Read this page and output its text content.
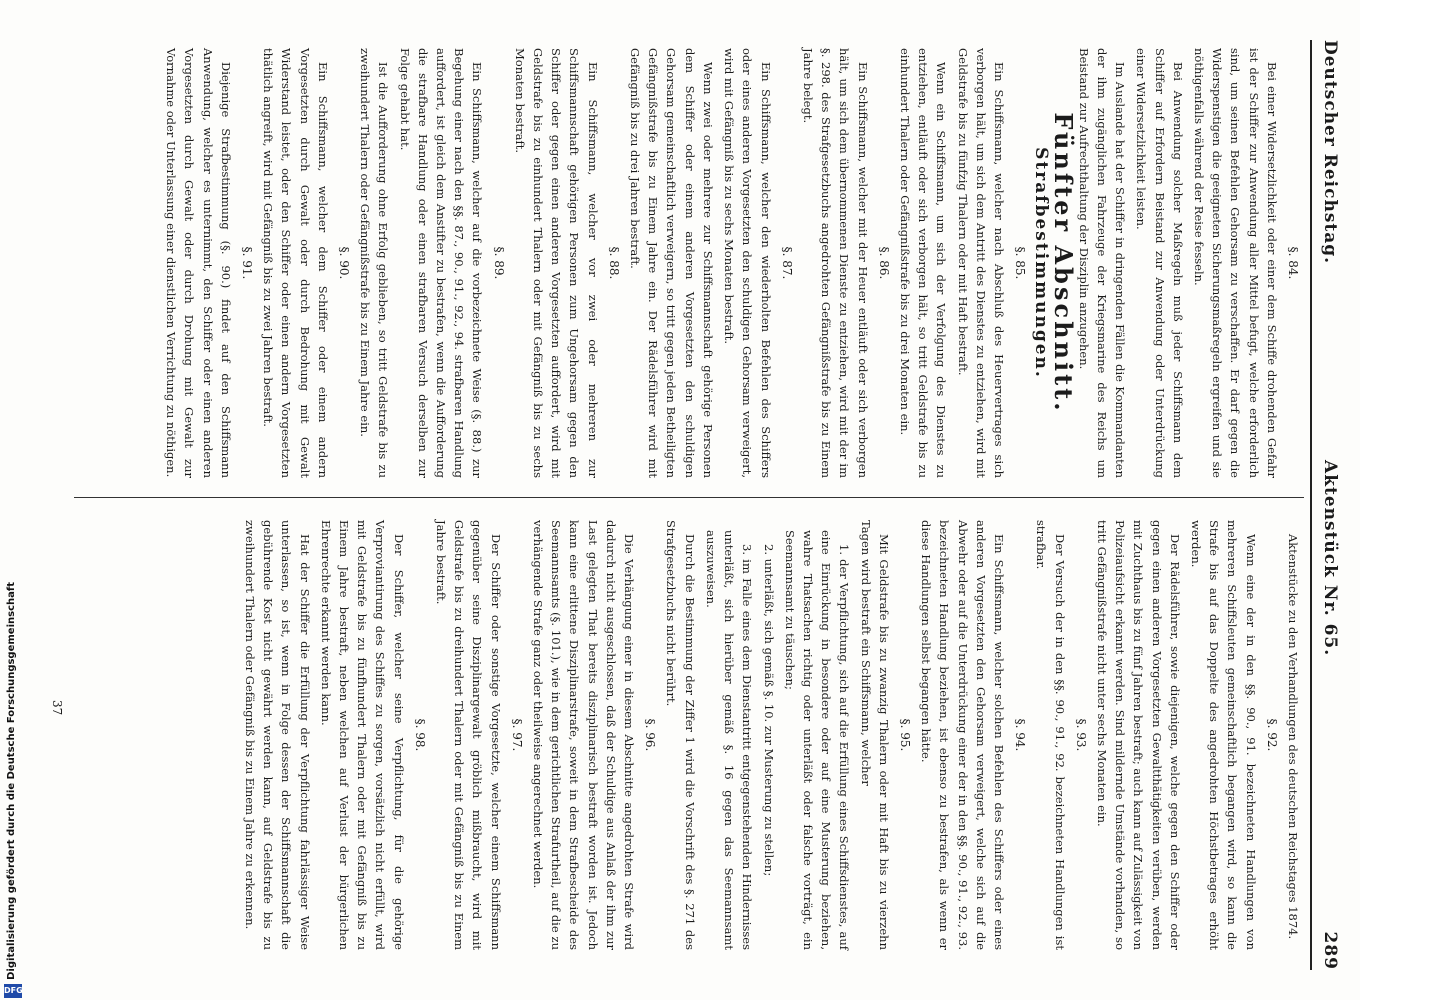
Deutscher Reichstag.
Aktenstück Nr. 65.
289

§. 84.

Bei einer Widersetzlichkeit oder einer dem Schiffe drohenden Gefahr ist der Schiffer zur Anwendung aller Mittel befugt, welche erforderlich sind, um seinen Befehlen Gehorsam zu verschaffen. Er darf gegen die Widerspenstigen die geeigneten Sicherungsmaßregeln ergreifen und sie nöthigenfalls während der Reise fesseln.

Bei Anwendung solcher Maßregeln muß jeder Schiffsmann dem Schiffer auf Erfordern Beistand zur Anwendung oder Unterdrückung einer Widersetzlichkeit leisten.

Im Auslande hat der Schiffer in dringenden Fällen die Kommandanten der ihm zugänglichen Fahrzeuge der Kriegsmarine des Reichs um Beistand zur Aufrechthaltung der Disziplin anzugehen.

Fünfter Abschnitt.

Strafbestimmungen.

§. 85.

Ein Schiffsmann, welcher nach Abschluß des Heuervertrages sich verborgen hält, um sich dem Antritt des Dienstes zu entziehen, wird mit Geldstrafe bis zu fünfzig Thalern oder mit Haft bestraft.

Wenn ein Schiffsmann, um sich der Verfolgung des Dienstes zu entziehen, entläuft oder sich verborgen hält, so tritt Geldstrafe bis zu einhundert Thalern oder Gefängnißstrafe bis zu drei Monaten ein.

§. 86.

Ein Schiffsmann, welcher mit der Heuer entläuft oder sich verborgen hält, um sich dem übernommenen Dienste zu entziehen, wird mit der im §. 298. des Strafgesetzbuchs angedrohten Gefängnißstrafe bis zu Einem Jahre belegt.

§. 87.

Ein Schiffsmann, welcher den wiederholten Befehlen des Schiffers oder eines anderen Vorgesetzten den schuldigen Gehorsam verweigert, wird mit Gefängniß bis zu sechs Monaten bestraft.

Wenn zwei oder mehrere zur Schiffsmannschaft gehörige Personen dem Schiffer oder einem anderen Vorgesetzten den schuldigen Gehorsam gemeinschaftlich verweigern, so tritt gegen jeden Betheiligten Gefängnißstrafe bis zu Einem Jahre ein. Der Rädelsführer wird mit Gefängniß bis zu drei Jahren bestraft.

§. 88.

Ein Schiffsmann, welcher vor zwei oder mehreren zur Schiffsmannschaft gehörigen Personen zum Ungehorsam gegen den Schiffer oder gegen einen anderen Vorgesetzten auffordert, wird mit Geldstrafe bis zu einhundert Thalern oder mit Gefängniß bis zu sechs Monaten bestraft.

§. 89.

Ein Schiffsmann, welcher auf die vorbezeichnete Weise (§. 88.) zur Begehung einer nach den §§. 87., 90., 91., 92., 94. strafbaren Handlung auffordert, ist gleich dem Anstifter zu bestrafen, wenn die Aufforderung die strafbare Handlung oder einen strafbaren Versuch derselben zur Folge gehabt hat.

Ist die Aufforderung ohne Erfolg geblieben, so tritt Geldstrafe bis zu zweihundert Thalern oder Gefängnißstrafe bis zu Einem Jahre ein.

§. 90.

Ein Schiffsmann, welcher dem Schiffer oder einem andern Vorgesetzten durch Gewalt oder durch Bedrohung mit Gewalt Widerstand leistet, oder den Schiffer oder einen andern Vorgesetzten thätlich angreift, wird mit Gefängniß bis zu zwei Jahren bestraft.

§. 91.

Diejenige Strafbestimmung (§. 90.) findet auf den Schiffsmann Anwendung, welcher es unternimmt, den Schiffer oder einen anderen Vorgesetzten durch Gewalt oder durch Drohung mit Gewalt zur Vornahme oder Unterlassung einer dienstlichen Verrichtung zu nöthigen.

Aktenstücke zu den Verhandlungen des deutschen Reichstages 1874.

§. 92.

Wenn eine der in den §§. 90., 91. bezeichneten Handlungen von mehreren Schiffsleuten gemeinschaftlich begangen wird, so kann die Strafe bis auf das Doppelte des angedrohten Höchstbetrages erhöht werden.

Der Rädelsführer, sowie diejenigen, welche gegen den Schiffer oder gegen einen anderen Vorgesetzten Gewaltthätigkeiten verüben, werden mit Zuchthaus bis zu fünf Jahren bestraft; auch kann auf Zulässigkeit von Polizeiaufsicht erkannt werden. Sind mildernde Umstände vorhanden, so tritt Gefängnißstrafe nicht unter sechs Monaten ein.

§. 93.

Der Versuch der in den §§. 90., 91., 92. bezeichneten Handlungen ist strafbar.

§. 94.

Ein Schiffsmann, welcher solchen Befehlen des Schiffers oder eines anderen Vorgesetzten den Gehorsam verweigert, welche sich auf die Abwehr oder auf die Unterdrückung einer der in den §§. 90., 91., 92., 93. bezeichneten Handlung beziehen, ist ebenso zu bestrafen, als wenn er diese Handlungen selbst begangen hätte.

§. 95.

Mit Geldstrafe bis zu zwanzig Thalern oder mit Haft bis zu vierzehn Tagen wird bestraft ein Schiffsmann, welcher

1. der Verpflichtung, sich auf die Erfüllung eines Schiffsdienstes, auf eine Einrückung in besondere oder auf eine Musterung beziehen, wahre Thatsachen richtig oder unterläßt oder falsche vorträgt, ein Seemannsamt zu täuschen;

2. unterläßt, sich gemäß §. 10. zur Musterung zu stellen;

3. im Falle eines dem Dienstantritt entgegenstehenden Hindernisses unterläßt, sich hierüber gemäß §. 16 gegen das Seemannsamt auszuweisen.

Durch die Bestimmung der Ziffer 1 wird die Vorschrift des §. 271 des Strafgesetzbuchs nicht berührt.

§. 96.

Die Verhängung einer in diesem Abschnitte angedrohten Strafe wird dadurch nicht ausgeschlossen, daß der Schuldige aus Anlaß der ihm zur Last gelegten That bereits disziplinarisch bestraft worden ist. Jedoch kann eine erlittene Disziplinarstrafe, soweit in dem Strafbescheide des Seemannsamts (§. 101.), wie in dem gerichtlichen Strafurtheil, auf die zu verhängende Strafe ganz oder theilweise angerechnet werden.

§. 97.

Der Schiffer oder sonstige Vorgesetzte, welcher einem Schiffsmann gegenüber seine Disziplinargewalt gröblich mißbraucht, wird mit Geldstrafe bis zu dreihundert Thalern oder mit Gefängniß bis zu Einem Jahre bestraft.

§. 98.

Der Schiffer, welcher seine Verpflichtung, für die gehörige Verproviantirung des Schiffes zu sorgen, vorsätzlich nicht erfüllt, wird mit Geldstrafe bis zu fünfhundert Thalern oder mit Gefängniß bis zu Einem Jahre bestraft, neben welchen auf Verlust der bürgerlichen Ehrenrechte erkannt werden kann.

Hat der Schiffer die Erfüllung der Verpflichtung fahrlässiger Weise unterlassen, so ist, wenn in Folge dessen der Schiffsmannschaft die gebührende Kost nicht gewährt werden kann, auf Geldstrafe bis zu zweihundert Thalern oder Gefängniß bis zu Einem Jahre zu erkennen.

37
Digitalisierung gefördert durch die Deutsche Forschungsgemeinschaft
DFG
